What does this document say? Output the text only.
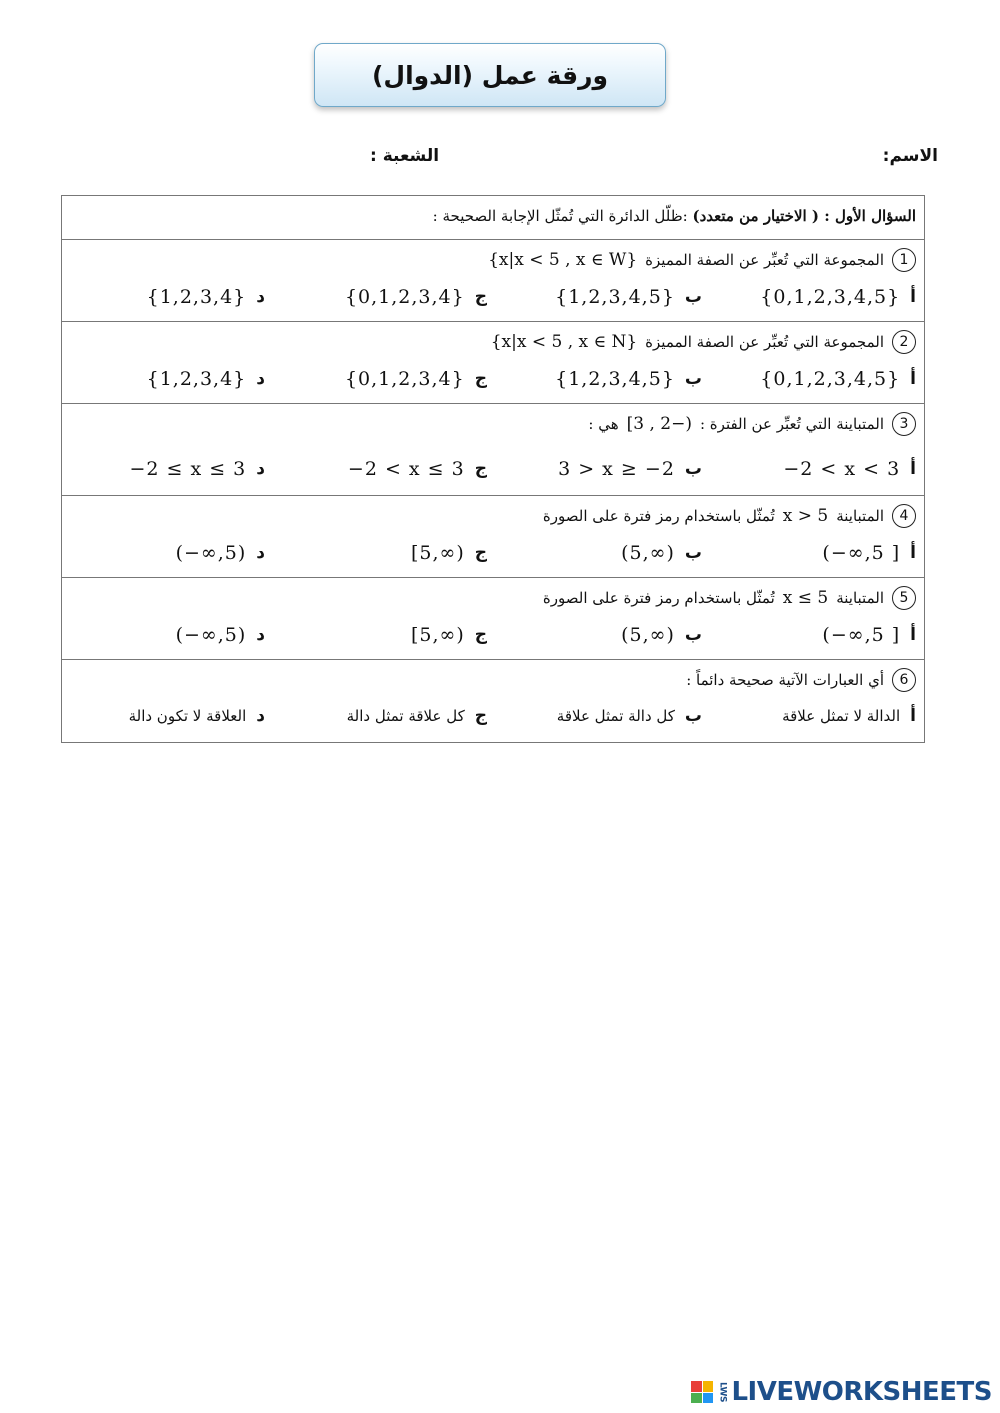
ورقة عمل (الدوال)
الاسم:
الشعبة :
السؤال الأول : ( الاختيار من متعدد) :ظلّل الدائرة التي تُمثّل الإجابة الصحيحة :
1
المجموعة التي تُعبِّر عن الصفة المميزة
{x|x < 5 , x ∈ W}
أ
{0,1,2,3,4,5}
ب
{1,2,3,4,5}
ج
{0,1,2,3,4}
د
{1,2,3,4}
2
المجموعة التي تُعبِّر عن الصفة المميزة
{x|x < 5 , x ∈ N}
أ
{0,1,2,3,4,5}
ب
{1,2,3,4,5}
ج
{0,1,2,3,4}
د
{1,2,3,4}
3
المتباينة التي تُعبِّر عن الفترة :
[3 , 2−)
هي :
أ
−2 < x < 3
ب
3 > x ≥ −2
ج
−2 < x ≤ 3
د
−2 ≤ x ≤ 3
4
المتباينة
x > 5
تُمثّل باستخدام رمز فترة على الصورة
أ
(−∞,5 ]
ب
(5,∞)
ج
[5,∞)
د
(−∞,5)
5
المتباينة
x ≤ 5
تُمثّل باستخدام رمز فترة على الصورة
أ
(−∞,5 ]
ب
(5,∞)
ج
[5,∞)
د
(−∞,5)
6
أي العبارات الآتية صحيحة دائماً :
أ
الدالة لا تمثل علاقة
ب
كل دالة تمثل علاقة
ج
كل علاقة تمثل دالة
د
العلاقة لا تكون دالة
LWS LIVEWORKSHEETS
